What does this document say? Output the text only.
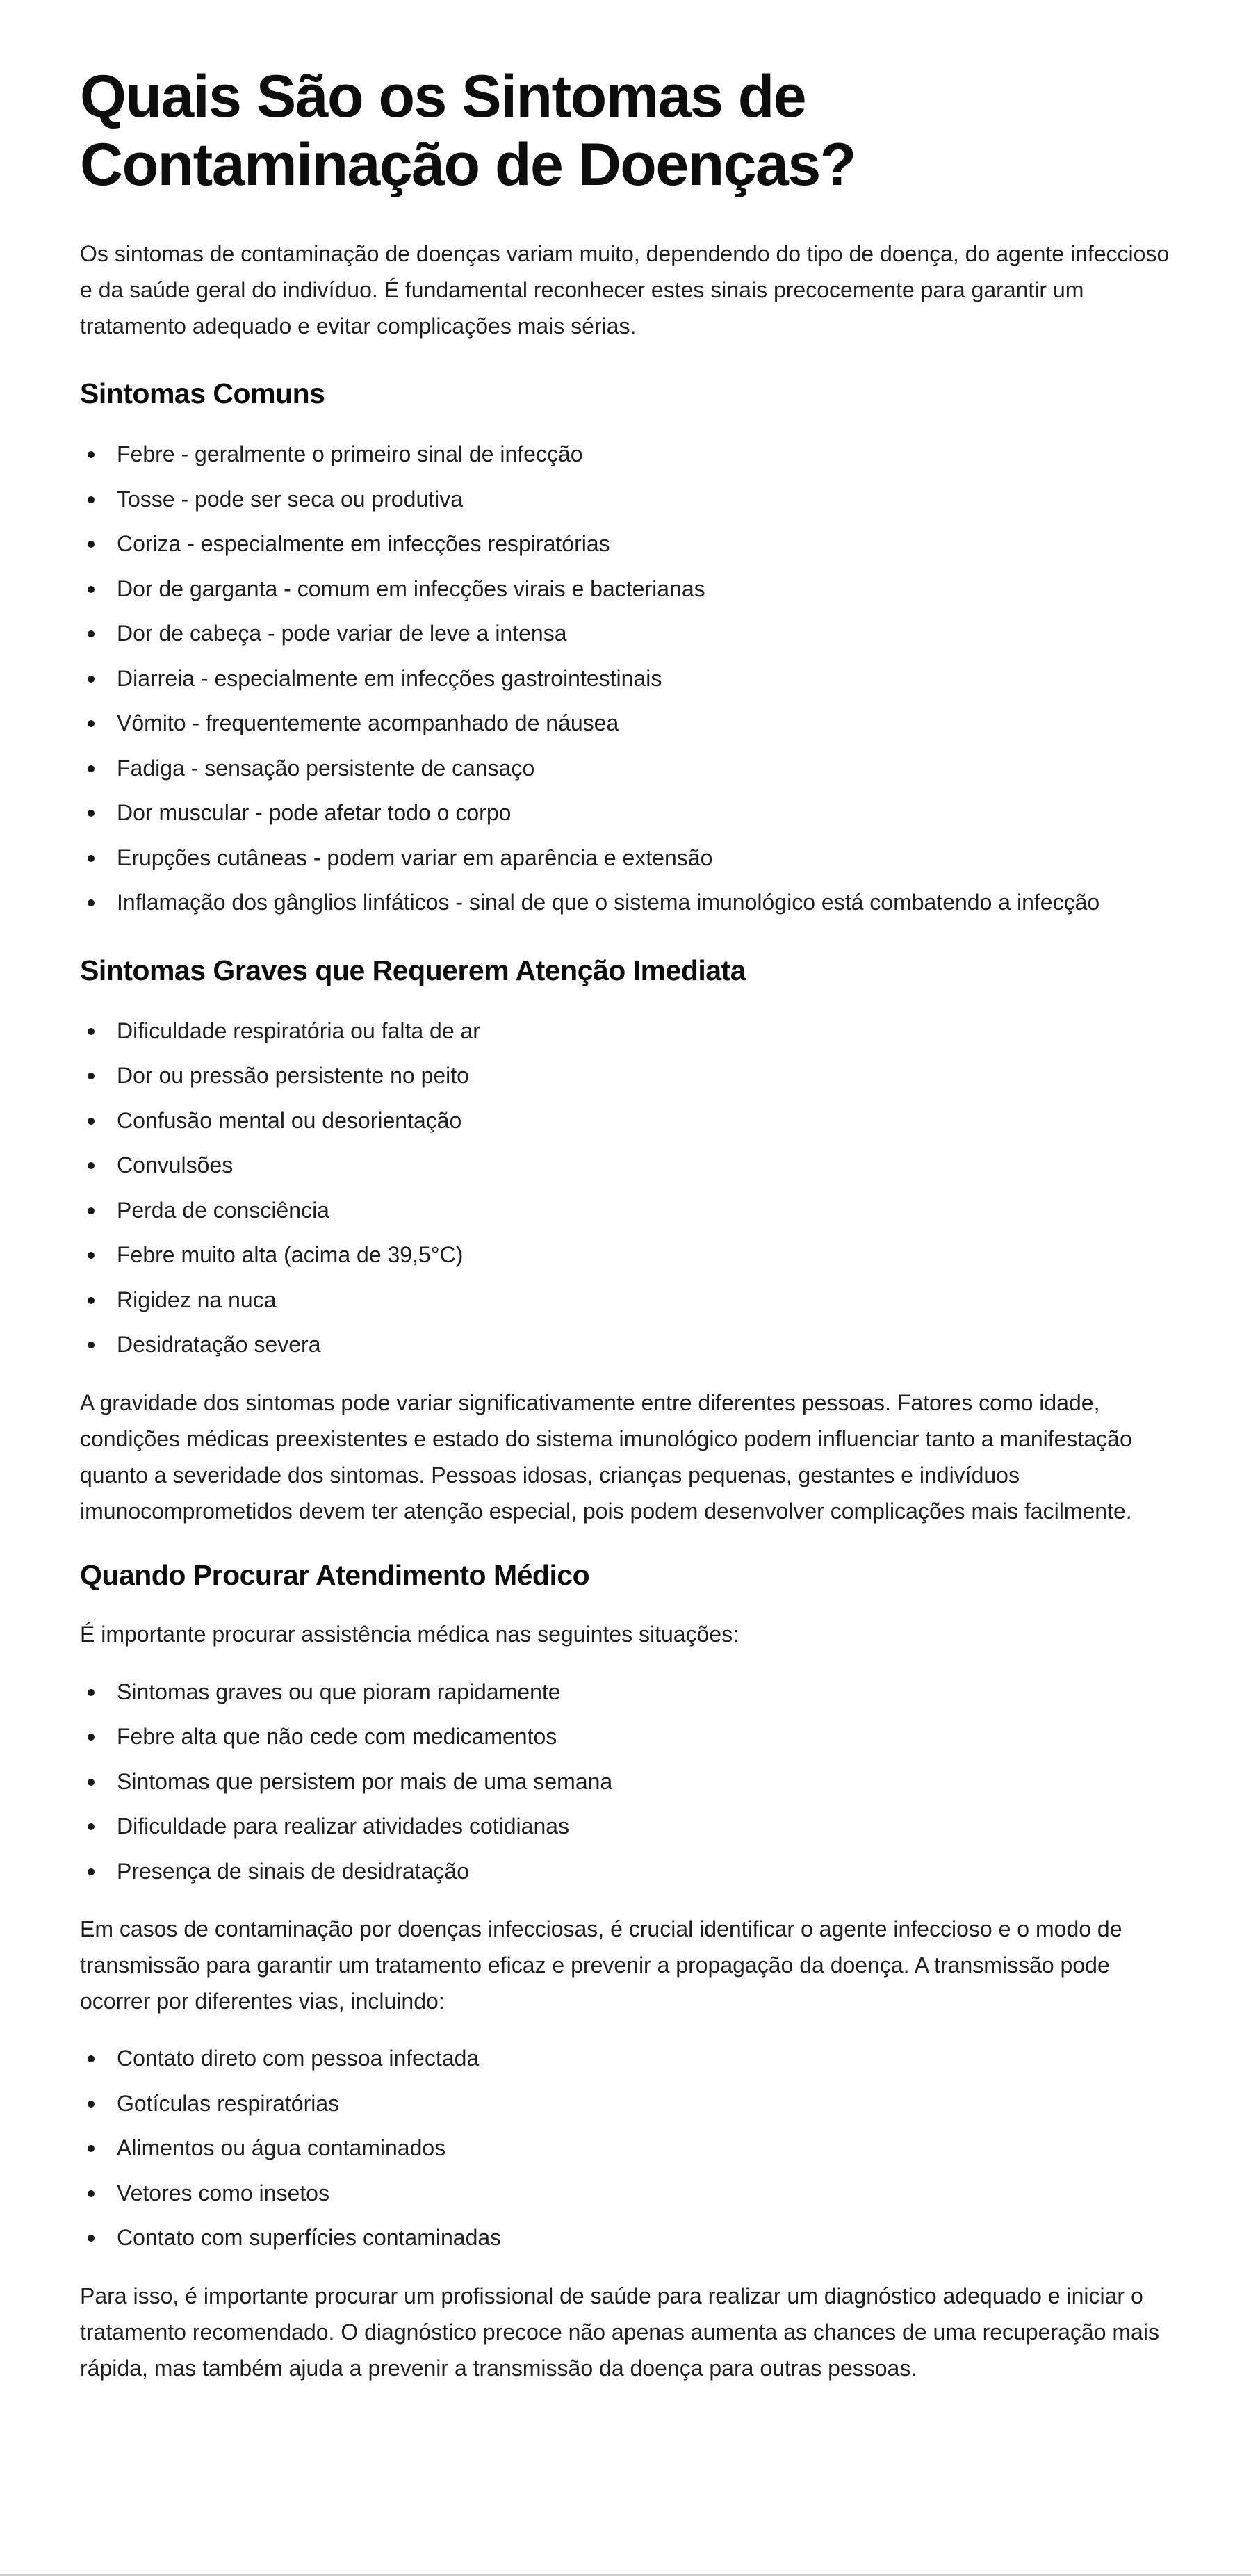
Quais São os Sintomas de Contaminação de Doenças?

Os sintomas de contaminação de doenças variam muito, dependendo do tipo de doença, do agente infeccioso e da saúde geral do indivíduo. É fundamental reconhecer estes sinais precocemente para garantir um tratamento adequado e evitar complicações mais sérias.

Sintomas Comuns
Febre - geralmente o primeiro sinal de infecção
Tosse - pode ser seca ou produtiva
Coriza - especialmente em infecções respiratórias
Dor de garganta - comum em infecções virais e bacterianas
Dor de cabeça - pode variar de leve a intensa
Diarreia - especialmente em infecções gastrointestinais
Vômito - frequentemente acompanhado de náusea
Fadiga - sensação persistente de cansaço
Dor muscular - pode afetar todo o corpo
Erupções cutâneas - podem variar em aparência e extensão
Inflamação dos gânglios linfáticos - sinal de que o sistema imunológico está combatendo a infecção
Sintomas Graves que Requerem Atenção Imediata
Dificuldade respiratória ou falta de ar
Dor ou pressão persistente no peito
Confusão mental ou desorientação
Convulsões
Perda de consciência
Febre muito alta (acima de 39,5°C)
Rigidez na nuca
Desidratação severa

A gravidade dos sintomas pode variar significativamente entre diferentes pessoas. Fatores como idade, condições médicas preexistentes e estado do sistema imunológico podem influenciar tanto a manifestação quanto a severidade dos sintomas. Pessoas idosas, crianças pequenas, gestantes e indivíduos imunocomprometidos devem ter atenção especial, pois podem desenvolver complicações mais facilmente.

Quando Procurar Atendimento Médico

É importante procurar assistência médica nas seguintes situações:

Sintomas graves ou que pioram rapidamente
Febre alta que não cede com medicamentos
Sintomas que persistem por mais de uma semana
Dificuldade para realizar atividades cotidianas
Presença de sinais de desidratação

Em casos de contaminação por doenças infecciosas, é crucial identificar o agente infeccioso e o modo de transmissão para garantir um tratamento eficaz e prevenir a propagação da doença. A transmissão pode ocorrer por diferentes vias, incluindo:

Contato direto com pessoa infectada
Gotículas respiratórias
Alimentos ou água contaminados
Vetores como insetos
Contato com superfícies contaminadas

Para isso, é importante procurar um profissional de saúde para realizar um diagnóstico adequado e iniciar o tratamento recomendado. O diagnóstico precoce não apenas aumenta as chances de uma recuperação mais rápida, mas também ajuda a prevenir a transmissão da doença para outras pessoas.
